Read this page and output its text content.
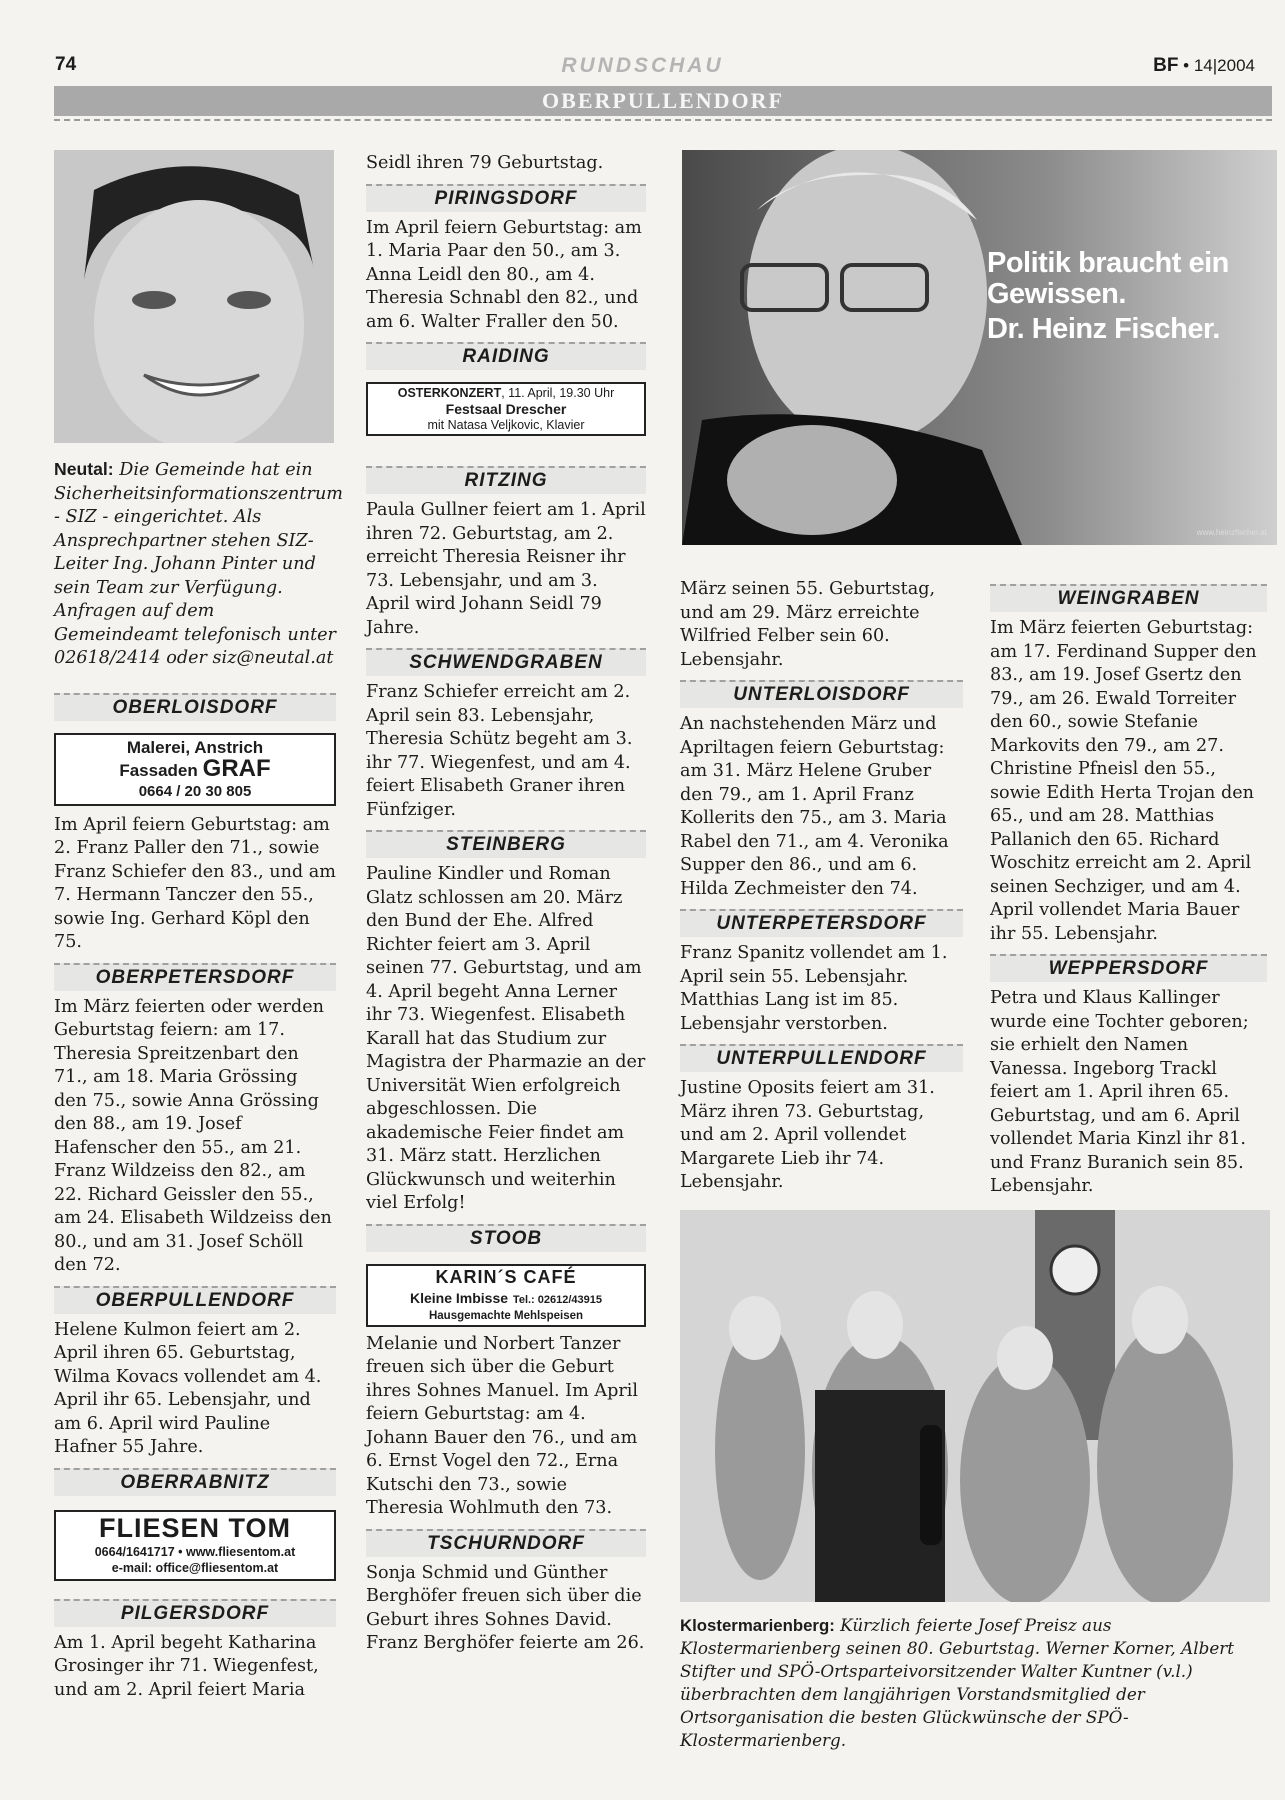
74	RUNDSCHAU	BF • 14|2004
OBERPULLENDORF

Neutal: Die Gemeinde hat ein Sicherheitsinformationszentrum - SIZ - eingerichtet. Als Ansprechpartner stehen SIZ-Leiter Ing. Johann Pinter und sein Team zur Verfügung. Anfragen auf dem Gemeindeamt telefonisch unter 02618/2414 oder siz@neutal.at

OBERLOISDORF
Malerei, Anstrich
Fassaden GRAF
0664 / 20 30 805

Im April feiern Geburtstag: am 2. Franz Paller den 71., sowie Franz Schiefer den 83., und am 7. Hermann Tanczer den 55., sowie Ing. Gerhard Köpl den 75.

OBERPETERSDORF

Im März feierten oder werden Geburtstag feiern: am 17. Theresia Spreitzenbart den 71., am 18. Maria Grössing den 75., sowie Anna Grössing den 88., am 19. Josef Hafenscher den 55., am 21. Franz Wildzeiss den 82., am 22. Richard Geissler den 55., am 24. Elisabeth Wildzeiss den 80., und am 31. Josef Schöll den 72.

OBERPULLENDORF

Helene Kulmon feiert am 2. April ihren 65. Geburtstag, Wilma Kovacs vollendet am 4. April ihr 65. Lebensjahr, und am 6. April wird Pauline Hafner 55 Jahre.

OBERRABNITZ
FLIESEN TOM
0664/1641717 • www.fliesentom.at
e-mail: office@fliesentom.at
PILGERSDORF

Am 1. April begeht Katharina Grosinger ihr 71. Wiegenfest, und am 2. April feiert Maria

Seidl ihren 79 Geburtstag.

PIRINGSDORF

Im April feiern Geburtstag: am 1. Maria Paar den 50., am 3. Anna Leidl den 80., am 4. Theresia Schnabl den 82., und am 6. Walter Fraller den 50.

RAIDING
OSTERKONZERT, 11. April, 19.30 Uhr
Festsaal Drescher
mit Natasa Veljkovic, Klavier
RITZING

Paula Gullner feiert am 1. April ihren 72. Geburtstag, am 2. erreicht Theresia Reisner ihr 73. Lebensjahr, und am 3. April wird Johann Seidl 79 Jahre.

SCHWENDGRABEN

Franz Schiefer erreicht am 2. April sein 83. Lebensjahr, Theresia Schütz begeht am 3. ihr 77. Wiegenfest, und am 4. feiert Elisabeth Graner ihren Fünfziger.

STEINBERG

Pauline Kindler und Roman Glatz schlossen am 20. März den Bund der Ehe. Alfred Richter feiert am 3. April seinen 77. Geburtstag, und am 4. April begeht Anna Lerner ihr 73. Wiegenfest. Elisabeth Karall hat das Studium zur Magistra der Pharmazie an der Universität Wien erfolgreich abgeschlossen. Die akademische Feier findet am 31. März statt. Herzlichen Glückwunsch und weiterhin viel Erfolg!

STOOB
KARIN´S CAFÉ
Kleine Imbisse Tel.: 02612/43915
Hausgemachte Mehlspeisen

Melanie und Norbert Tanzer freuen sich über die Geburt ihres Sohnes Manuel. Im April feiern Geburtstag: am 4. Johann Bauer den 76., und am 6. Ernst Vogel den 72., Erna Kutschi den 73., sowie Theresia Wohlmuth den 73.

TSCHURNDORF

Sonja Schmid und Günther Berghöfer freuen sich über die Geburt ihres Sohnes David. Franz Berghöfer feierte am 26.

Politik braucht ein
Gewissen.
Dr. Heinz Fischer.
www.heinzfischer.at

März seinen 55. Geburtstag, und am 29. März erreichte Wilfried Felber sein 60. Lebensjahr.

UNTERLOISDORF

An nachstehenden März und Apriltagen feiern Geburtstag: am 31. März Helene Gruber den 79., am 1. April Franz Kollerits den 75., am 3. Maria Rabel den 71., am 4. Veronika Supper den 86., und am 6. Hilda Zechmeister den 74.

UNTERPETERSDORF

Franz Spanitz vollendet am 1. April sein 55. Lebensjahr. Matthias Lang ist im 85. Lebensjahr verstorben.

UNTERPULLENDORF

Justine Oposits feiert am 31. März ihren 73. Geburtstag, und am 2. April vollendet Margarete Lieb ihr 74. Lebensjahr.

WEINGRABEN

Im März feierten Geburtstag: am 17. Ferdinand Supper den 83., am 19. Josef Gsertz den 79., am 26. Ewald Torreiter den 60., sowie Stefanie Markovits den 79., am 27. Christine Pfneisl den 55., sowie Edith Herta Trojan den 65., und am 28. Matthias Pallanich den 65. Richard Woschitz erreicht am 2. April seinen Sechziger, und am 4. April vollendet Maria Bauer ihr 55. Lebensjahr.

WEPPERSDORF

Petra und Klaus Kallinger wurde eine Tochter geboren; sie erhielt den Namen Vanessa. Ingeborg Trackl feiert am 1. April ihren 65. Geburtstag, und am 6. April vollendet Maria Kinzl ihr 81. und Franz Buranich sein 85. Lebensjahr.

Klostermarienberg: Kürzlich feierte Josef Preisz aus Klostermarienberg seinen 80. Geburtstag. Werner Korner, Albert Stifter und SPÖ-Ortsparteivorsitzender Walter Kuntner (v.l.) überbrachten dem langjährigen Vorstandsmitglied der Ortsorganisation die besten Glückwünsche der SPÖ-Klostermarienberg.
